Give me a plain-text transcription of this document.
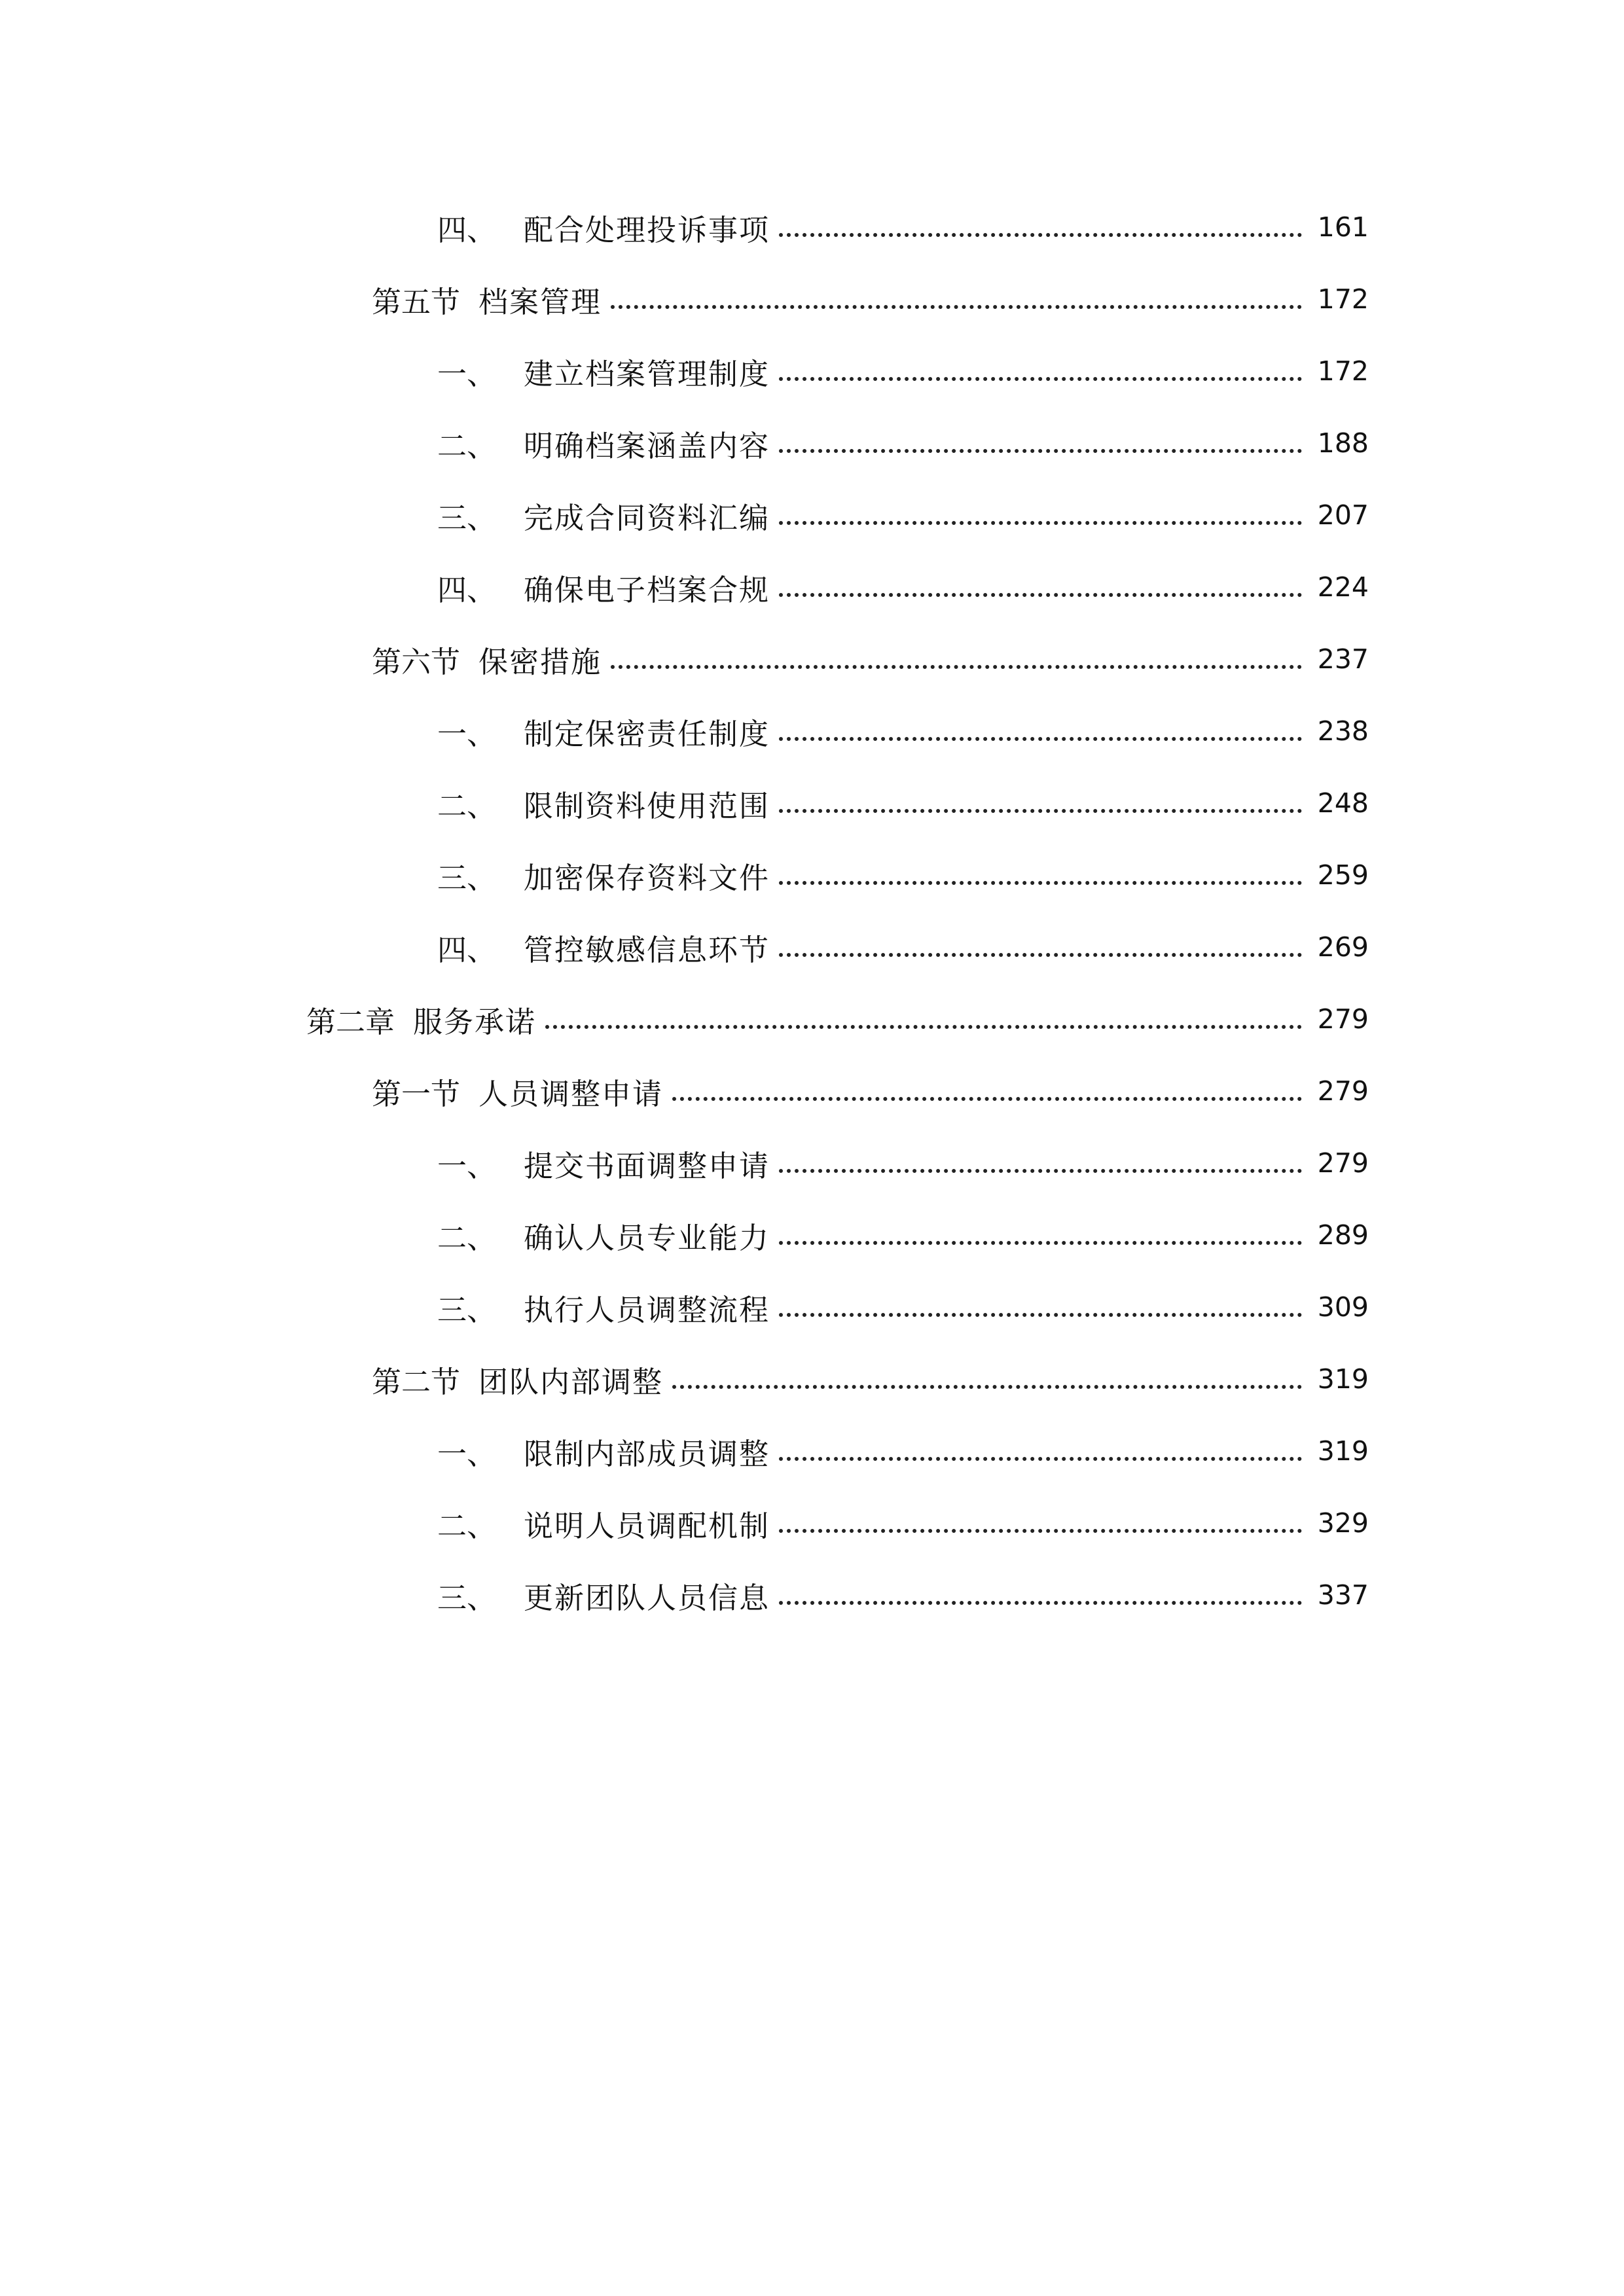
四、 配合处理投诉事项	161
第五节 档案管理	172
一、 建立档案管理制度	172
二、 明确档案涵盖内容	188
三、 完成合同资料汇编	207
四、 确保电子档案合规	224
第六节 保密措施	237
一、 制定保密责任制度	238
二、 限制资料使用范围	248
三、 加密保存资料文件	259
四、 管控敏感信息环节	269
第二章 服务承诺	279
第一节 人员调整申请	279
一、 提交书面调整申请	279
二、 确认人员专业能力	289
三、 执行人员调整流程	309
第二节 团队内部调整	319
一、 限制内部成员调整	319
二、 说明人员调配机制	329
三、 更新团队人员信息	337
